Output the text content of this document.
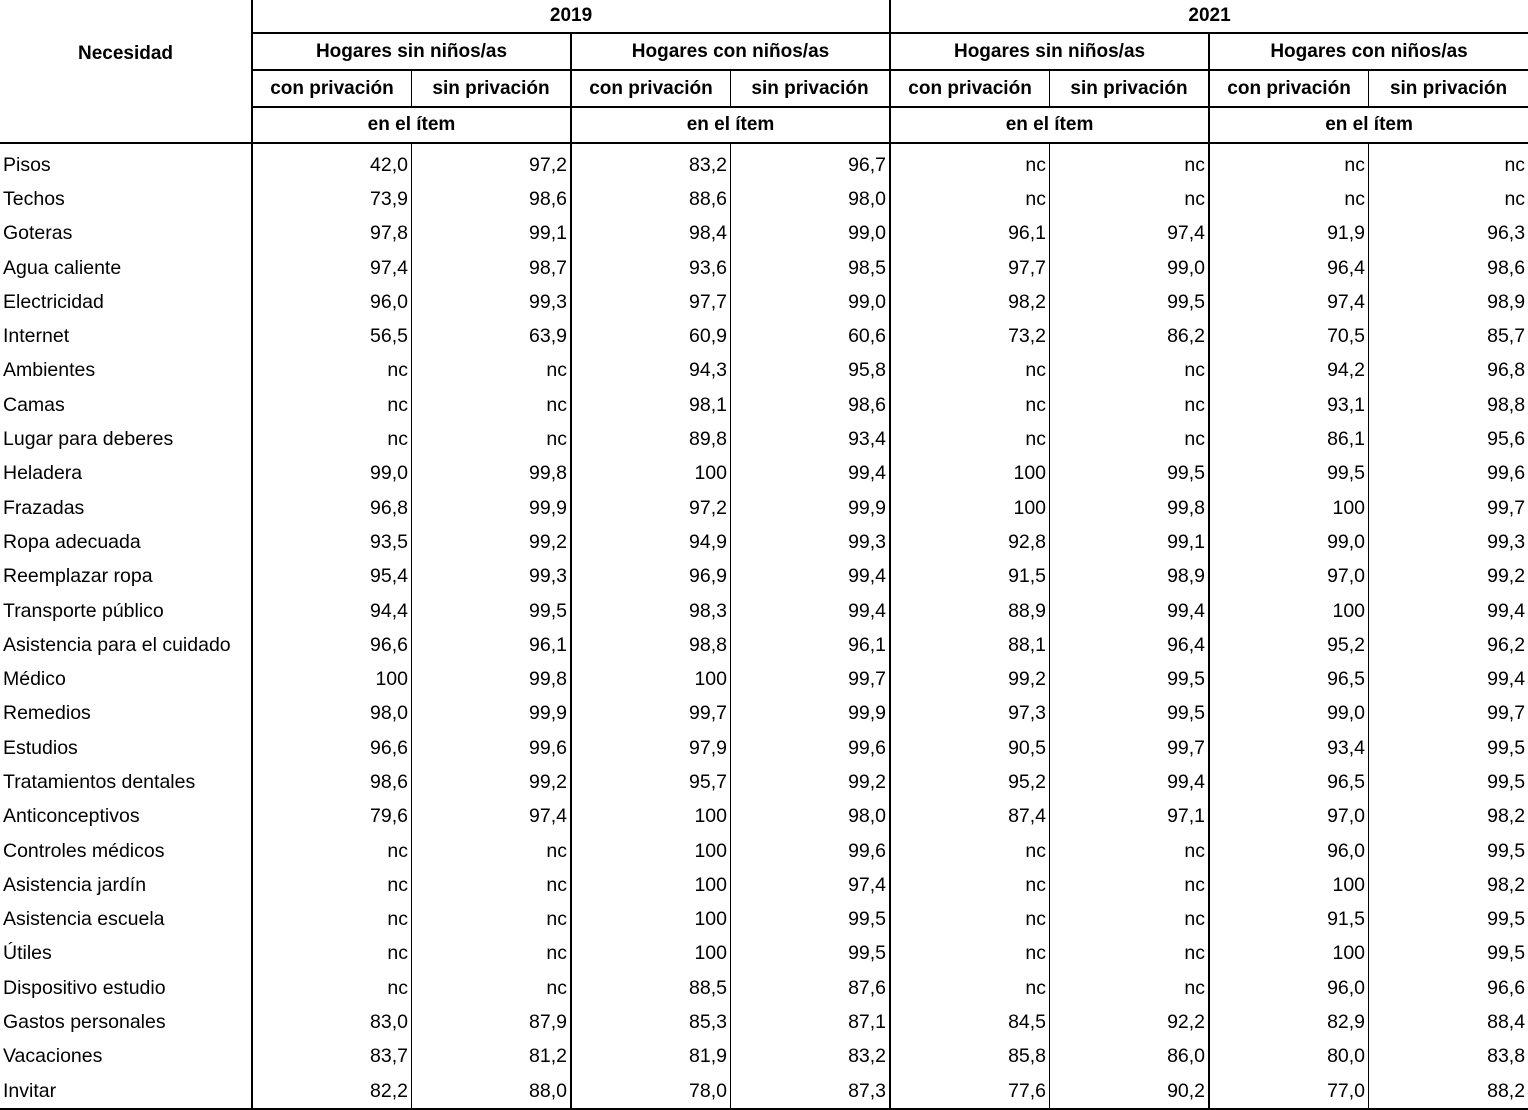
Necesidad	2019				2021			
	Hogares sin niños/as		Hogares con niños/as		Hogares sin niños/as		Hogares con niños/as	
	con privación	sin privación	con privación	sin privación	con privación	sin privación	con privación	sin privación
	en el ítem		en el ítem		en el ítem		en el ítem	
Pisos	42,0	97,2	83,2	96,7	nc	nc	nc	nc
Techos	73,9	98,6	88,6	98,0	nc	nc	nc	nc
Goteras	97,8	99,1	98,4	99,0	96,1	97,4	91,9	96,3
Agua caliente	97,4	98,7	93,6	98,5	97,7	99,0	96,4	98,6
Electricidad	96,0	99,3	97,7	99,0	98,2	99,5	97,4	98,9
Internet	56,5	63,9	60,9	60,6	73,2	86,2	70,5	85,7
Ambientes	nc	nc	94,3	95,8	nc	nc	94,2	96,8
Camas	nc	nc	98,1	98,6	nc	nc	93,1	98,8
Lugar para deberes	nc	nc	89,8	93,4	nc	nc	86,1	95,6
Heladera	99,0	99,8	100	99,4	100	99,5	99,5	99,6
Frazadas	96,8	99,9	97,2	99,9	100	99,8	100	99,7
Ropa adecuada	93,5	99,2	94,9	99,3	92,8	99,1	99,0	99,3
Reemplazar ropa	95,4	99,3	96,9	99,4	91,5	98,9	97,0	99,2
Transporte público	94,4	99,5	98,3	99,4	88,9	99,4	100	99,4
Asistencia para el cuidado	96,6	96,1	98,8	96,1	88,1	96,4	95,2	96,2
Médico	100	99,8	100	99,7	99,2	99,5	96,5	99,4
Remedios	98,0	99,9	99,7	99,9	97,3	99,5	99,0	99,7
Estudios	96,6	99,6	97,9	99,6	90,5	99,7	93,4	99,5
Tratamientos dentales	98,6	99,2	95,7	99,2	95,2	99,4	96,5	99,5
Anticonceptivos	79,6	97,4	100	98,0	87,4	97,1	97,0	98,2
Controles médicos	nc	nc	100	99,6	nc	nc	96,0	99,5
Asistencia jardín	nc	nc	100	97,4	nc	nc	100	98,2
Asistencia escuela	nc	nc	100	99,5	nc	nc	91,5	99,5
Útiles	nc	nc	100	99,5	nc	nc	100	99,5
Dispositivo estudio	nc	nc	88,5	87,6	nc	nc	96,0	96,6
Gastos personales	83,0	87,9	85,3	87,1	84,5	92,2	82,9	88,4
Vacaciones	83,7	81,2	81,9	83,2	85,8	86,0	80,0	83,8
Invitar	82,2	88,0	78,0	87,3	77,6	90,2	77,0	88,2
